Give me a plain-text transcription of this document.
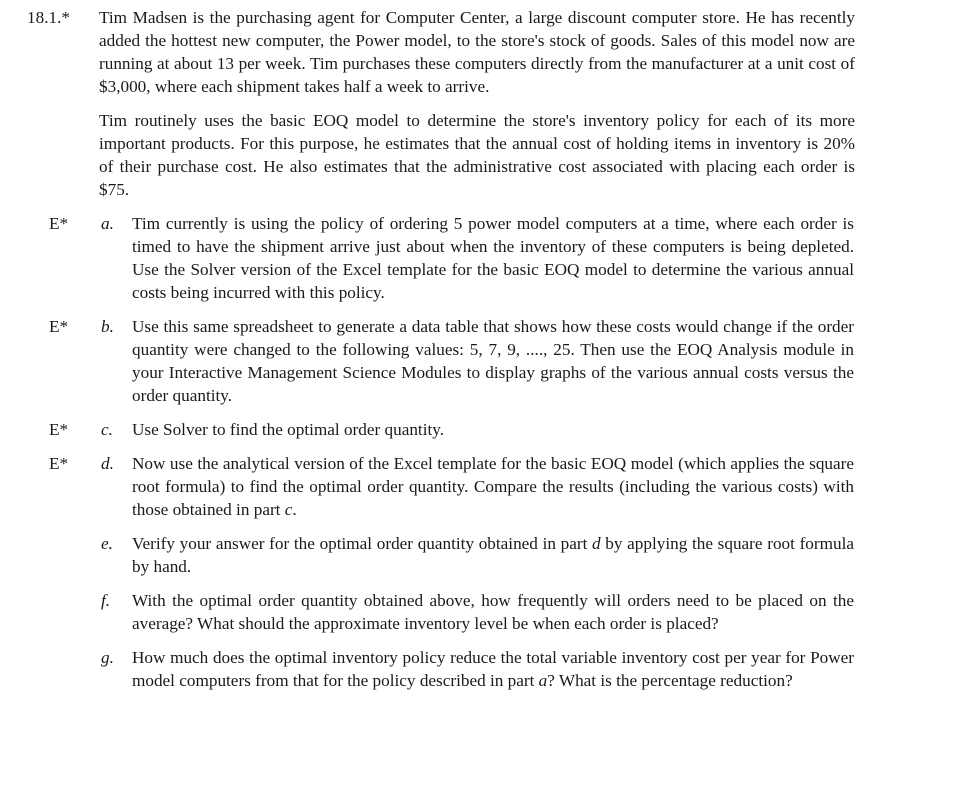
18.1.* Tim Madsen is the purchasing agent for Computer Center, a large discount computer store. He has recently added the hottest new computer, the Power model, to the store's stock of goods. Sales of this model now are running at about 13 per week. Tim purchases these computers directly from the manufacturer at a unit cost of $3,000, where each shipment takes half a week to arrive.

Tim routinely uses the basic EOQ model to determine the store's inventory policy for each of its more important products. For this purpose, he estimates that the annual cost of holding items in inventory is 20% of their purchase cost. He also estimates that the administrative cost associated with placing each order is $75.

E* a. Tim currently is using the policy of ordering 5 power model computers at a time, where each order is timed to have the shipment arrive just about when the inventory of these computers is being depleted. Use the Solver version of the Excel template for the basic EOQ model to determine the various annual costs being incurred with this policy.

E* b. Use this same spreadsheet to generate a data table that shows how these costs would change if the order quantity were changed to the following values: 5, 7, 9, ...., 25. Then use the EOQ Analysis module in your Interactive Management Science Modules to display graphs of the various annual costs versus the order quantity.

E* c. Use Solver to find the optimal order quantity.

E* d. Now use the analytical version of the Excel template for the basic EOQ model (which applies the square root formula) to find the optimal order quantity. Compare the results (including the various costs) with those obtained in part c.

e. Verify your answer for the optimal order quantity obtained in part d by applying the square root formula by hand.

f. With the optimal order quantity obtained above, how frequently will orders need to be placed on the average? What should the approximate inventory level be when each order is placed?

g. How much does the optimal inventory policy reduce the total variable inventory cost per year for Power model computers from that for the policy described in part a? What is the percentage reduction?
